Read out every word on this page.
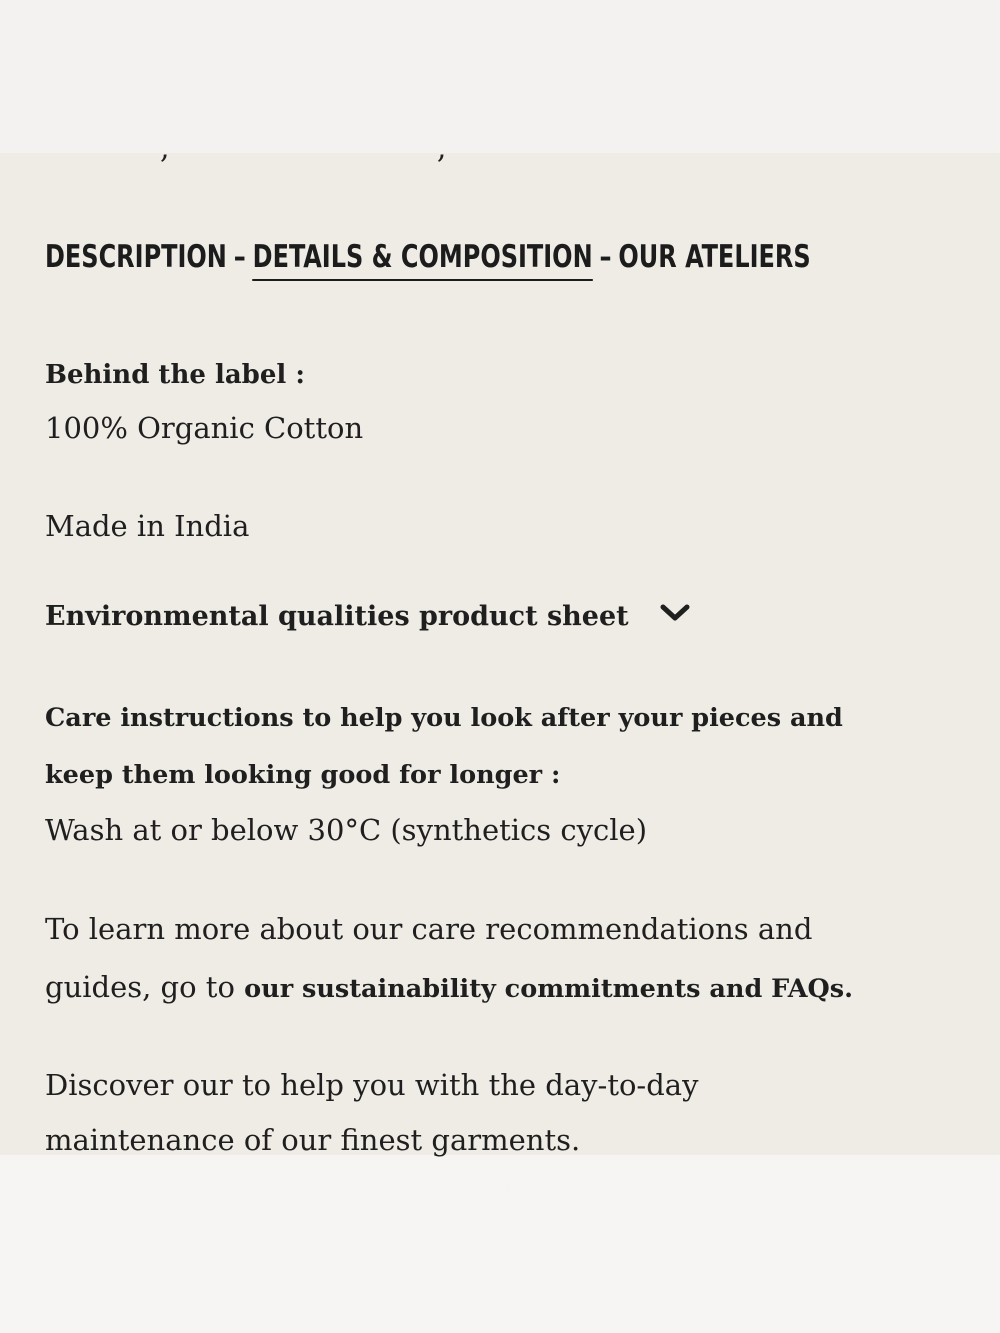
,                       ,
DESCRIPTION – DETAILS & COMPOSITION – OUR ATELIERS
Behind the label :
100% Organic Cotton
Made in India
Environmental qualities product sheet
Care instructions to help you look after your pieces and
keep them looking good for longer :
Wash at or below 30°C (synthetics cycle)
To learn more about our care recommendations and
guides, go to our sustainability commitments and FAQs.
Discover our to help you with the day-to-day
maintenance of our finest garments.
